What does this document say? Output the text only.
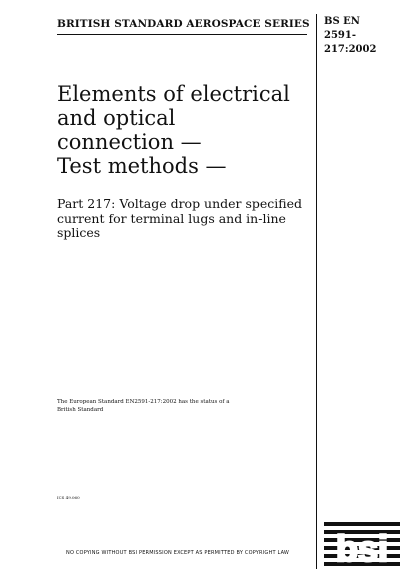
BRITISH STANDARD AEROSPACE SERIES BS EN
2591-217:2002
Elements of electrical
and optical
connection —
Test methods —
Part 217: Voltage drop under specified
current for terminal lugs and in-line
splices
The European Standard EN2591-217:2002 has the status of a
British Standard
ICS 49.060
NO COPYING WITHOUT BSI PERMISSION EXCEPT AS PERMITTED BY COPYRIGHT LAW bsi
